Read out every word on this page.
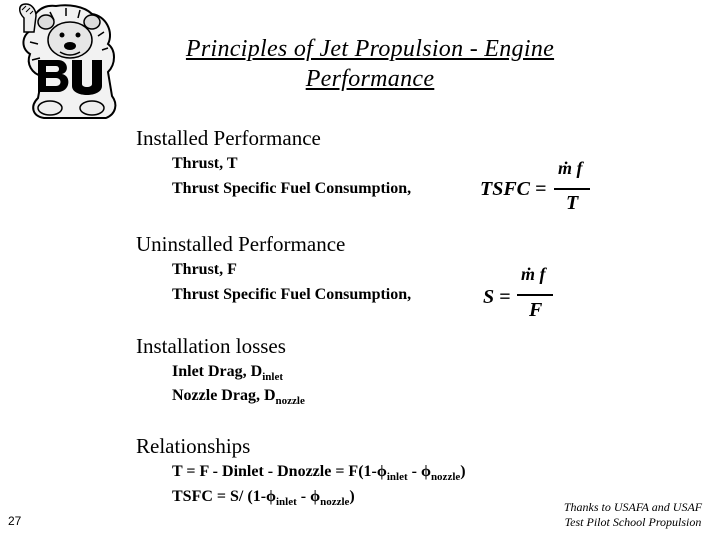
Principles of Jet Propulsion - Engine
Performance
Installed Performance
Thrust, T
Thrust Specific Fuel Consumption,	TSFC =
ṁ f
T
Uninstalled Performance
Thrust, F
Thrust Specific Fuel Consumption,	S =
ṁ f
F
Installation losses
Inlet Drag, $D_{inlet}$
Nozzle Drag, $D_{nozzle}$
Relationships
T = F - Dinlet - Dnozzle = $F(1-\phi_{inlet} - \phi_{nozzle})$
TSFC = S/ $(1-\phi_{inlet} - \phi_{nozzle})$
27
Thanks to USAFA and USAF
Test Pilot School Propulsion
